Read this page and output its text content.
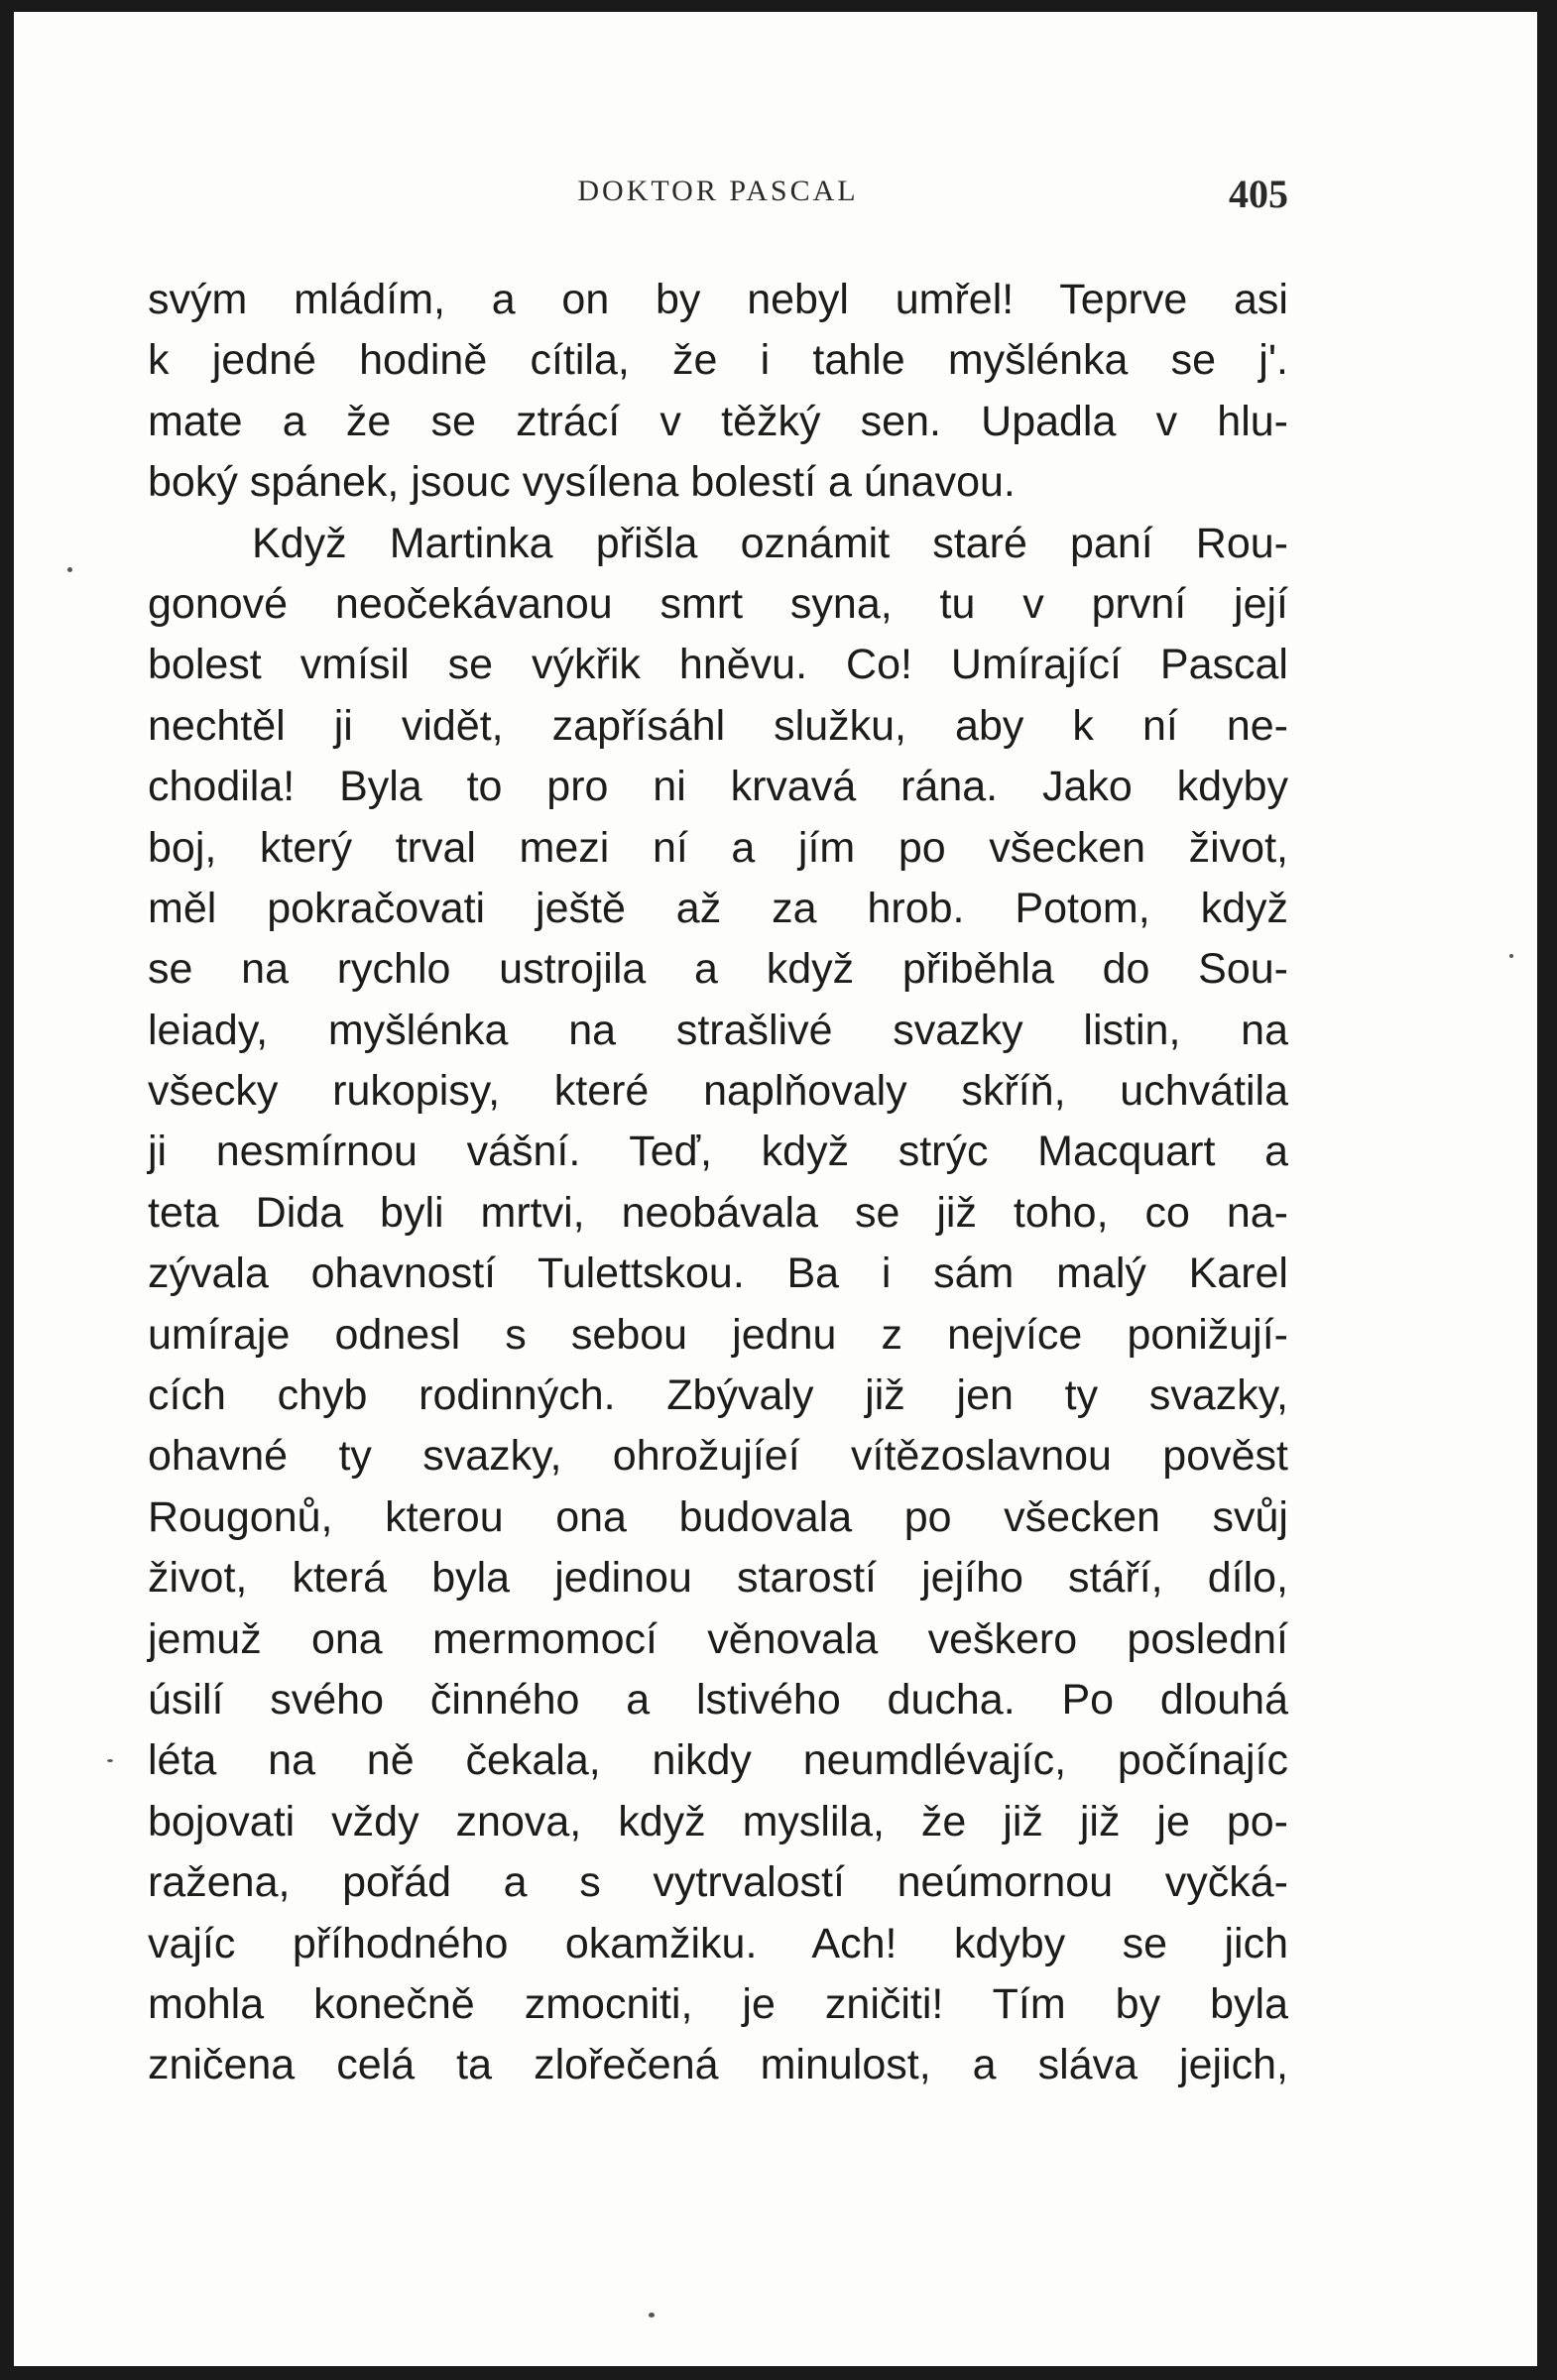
DOKTOR PASCAL	405
svým mládím, a on by nebyl umřel! Teprve asi
k jedné hodině cítila, že i tahle myšlénka se j'.
mate a že se ztrácí v těžký sen. Upadla v hlu-
boký spánek, jsouc vysílena bolestí a únavou.
Když Martinka přišla oznámit staré paní Rou-
gonové neočekávanou smrt syna, tu v první její
bolest vmísil se výkřik hněvu. Co! Umírající Pascal
nechtěl ji vidět, zapřísáhl služku, aby k ní ne-
chodila! Byla to pro ni krvavá rána. Jako kdyby
boj, který trval mezi ní a jím po všecken život,
měl pokračovati ještě až za hrob. Potom, když
se na rychlo ustrojila a když přiběhla do Sou-
leiady, myšlénka na strašlivé svazky listin, na
všecky rukopisy, které naplňovaly skříň, uchvátila
ji nesmírnou vášní. Teď, když strýc Macquart a
teta Dida byli mrtvi, neobávala se již toho, co na-
zývala ohavností Tulettskou. Ba i sám malý Karel
umíraje odnesl s sebou jednu z nejvíce ponižují-
cích chyb rodinných. Zbývaly již jen ty svazky,
ohavné ty svazky, ohrožujíeí vítězoslavnou pověst
Rougonů, kterou ona budovala po všecken svůj
život, která byla jedinou starostí jejího stáří, dílo,
jemuž ona mermomocí věnovala veškero poslední
úsilí svého činného a lstivého ducha. Po dlouhá
léta na ně čekala, nikdy neumdlévajíc, počínajíc
bojovati vždy znova, když myslila, že již již je po-
ražena, pořád a s vytrvalostí neúmornou vyčká-
vajíc příhodného okamžiku. Ach! kdyby se jich
mohla konečně zmocniti, je zničiti! Tím by byla
zničena celá ta zlořečená minulost, a sláva jejich,
